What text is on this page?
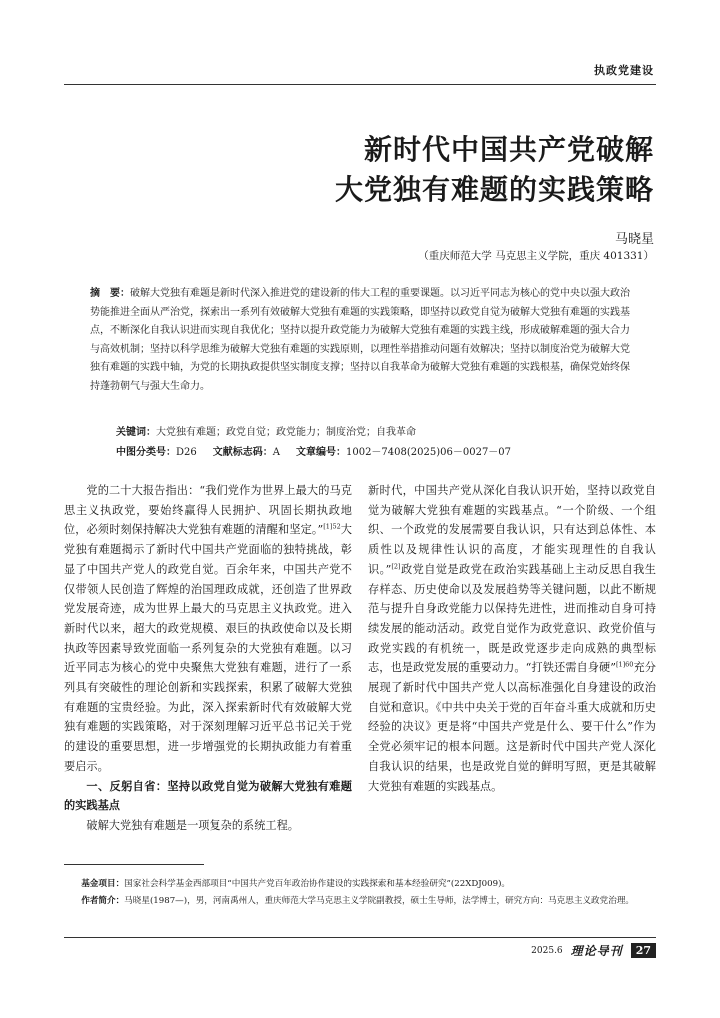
执政党建设
新时代中国共产党破解
大党独有难题的实践策略
马晓星
（重庆师范大学 马克思主义学院，重庆 401331）
摘　要：破解大党独有难题是新时代深入推进党的建设新的伟大工程的重要课题。以习近平同志为核心的党中央以强大政治势能推进全面从严治党，探索出一系列有效破解大党独有难题的实践策略，即坚持以政党自觉为破解大党独有难题的实践基点，不断深化自我认识进而实现自我优化；坚持以提升政党能力为破解大党独有难题的实践主线，形成破解难题的强大合力与高效机制；坚持以科学思维为破解大党独有难题的实践原则，以理性举措推动问题有效解决；坚持以制度治党为破解大党独有难题的实践中轴，为党的长期执政提供坚实制度支撑；坚持以自我革命为破解大党独有难题的实践根基，确保党始终保持蓬勃朝气与强大生命力。
关键词：大党独有难题；政党自觉；政党能力；制度治党；自我革命
中图分类号：D26 文献标志码：A 文章编号：1002－7408(2025)06－0027－07

党的二十大报告指出：“我们党作为世界上最大的马克思主义执政党，要始终赢得人民拥护、巩固长期执政地位，必须时刻保持解决大党独有难题的清醒和坚定。”$^{[1]52}$大党独有难题揭示了新时代中国共产党面临的独特挑战，彰显了中国共产党人的政党自觉。百余年来，中国共产党不仅带领人民创造了辉煌的治国理政成就，还创造了世界政党发展奇迹，成为世界上最大的马克思主义执政党。进入新时代以来，超大的政党规模、艰巨的执政使命以及长期执政等因素导致党面临一系列复杂的大党独有难题。以习近平同志为核心的党中央聚焦大党独有难题，进行了一系列具有突破性的理论创新和实践探索，积累了破解大党独有难题的宝贵经验。为此，深入探索新时代有效破解大党独有难题的实践策略，对于深刻理解习近平总书记关于党的建设的重要思想，进一步增强党的长期执政能力有着重要启示。

一、反躬自省：坚持以政党自觉为破解大党独有难题的实践基点

破解大党独有难题是一项复杂的系统工程。

新时代，中国共产党从深化自我认识开始，坚持以政党自觉为破解大党独有难题的实践基点。“一个阶级、一个组织、一个政党的发展需要自我认识，只有达到总体性、本质性以及规律性认识的高度，才能实现理性的自我认识。”[2]政党自觉是政党在政治实践基础上主动反思自我生存样态、历史使命以及发展趋势等关键问题，以此不断规范与提升自身政党能力以保持先进性，进而推动自身可持续发展的能动活动。政党自觉作为政党意识、政党价值与政党实践的有机统一，既是政党逐步走向成熟的典型标志，也是政党发展的重要动力。“打铁还需自身硬”$^{[1]60}$充分展现了新时代中国共产党人以高标准强化自身建设的政治自觉和意识。《中共中央关于党的百年奋斗重大成就和历史经验的决议》更是将“中国共产党是什么、要干什么”作为全党必须牢记的根本问题。这是新时代中国共产党人深化自我认识的结果，也是政党自觉的鲜明写照，更是其破解大党独有难题的实践基点。

基金项目：国家社会科学基金西部项目“中国共产党百年政治协作建设的实践探索和基本经验研究”(22XDJ009)。

作者简介：马晓星(1987—)，男，河南禹州人，重庆师范大学马克思主义学院副教授，硕士生导师，法学博士，研究方向：马克思主义政党治理。

2025.6 理论导刊	27
